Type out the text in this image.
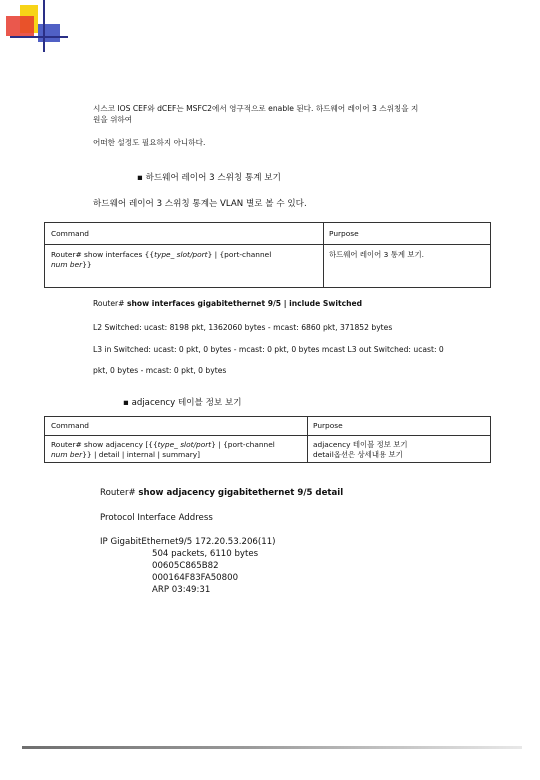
시스코 IOS CEF와 dCEF는 MSFC2에서 영구적으로 enable 된다. 하드웨어 레이어 3 스위칭을 지
원을 위하여
어떠한 설정도 필요하지 아니하다.
▪ 하드웨어 레이어 3 스위칭 통계 보기
하드웨어 레이어 3 스위칭 통계는 VLAN 별로 볼 수 있다.
Command	Purpose
Router# show interfaces {{type_ slot/port} | {port-channel
num ber}}
하드웨어 레이어 3 통계 보기.
Router# show interfaces gigabitethernet 9/5 | include Switched
L2 Switched: ucast: 8198 pkt, 1362060 bytes - mcast: 6860 pkt, 371852 bytes
L3 in Switched: ucast: 0 pkt, 0 bytes - mcast: 0 pkt, 0 bytes mcast L3 out Switched: ucast: 0
pkt, 0 bytes - mcast: 0 pkt, 0 bytes
▪ adjacency 테이블 정보 보기
Command	Purpose
Router# show adjacency [{{type_ slot/port} | {port-channel
num ber}} | detail | internal | summary]
adjacency 테이블 정보 보기
detail옵션은 상세내용 보기
Router# show adjacency gigabitethernet 9/5 detail
Protocol Interface Address
IP GigabitEthernet9/5 172.20.53.206(11)
504 packets, 6110 bytes
00605C865B82
000164F83FA50800
ARP 03:49:31
